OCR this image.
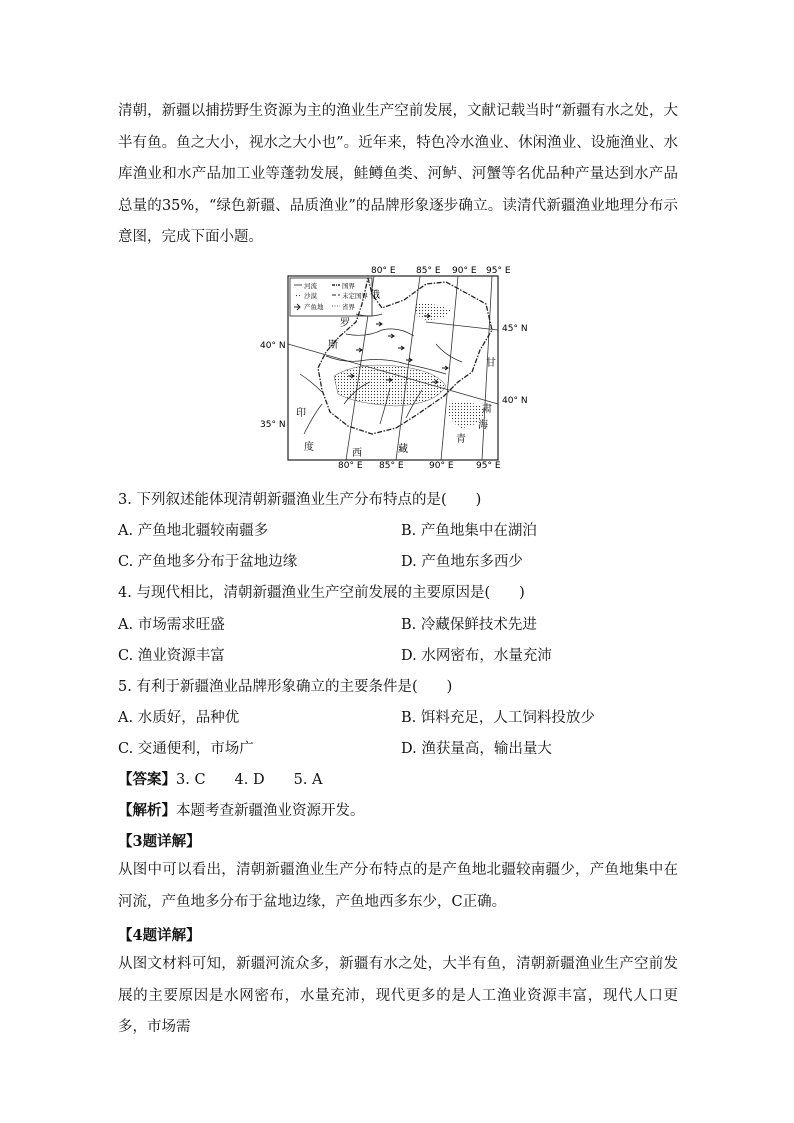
清朝，新疆以捕捞野生资源为主的渔业生产空前发展，文献记载当时“新疆有水之处，大半有鱼。鱼之大小，视水之大小也”。近年来，特色冷水渔业、休闲渔业、设施渔业、水库渔业和水产品加工业等蓬勃发展，鲑鳟鱼类、河鲈、河蟹等名优品种产量达到水产品总量的35%，“绿色新疆、品质渔业”的品牌形象逐步确立。读清代新疆渔业地理分布示意图，完成下面小题。

80° E 85° E 90° E 95° E
80° E 85° E	90° E	95° E
40° N
35° N
45° N
40° N
河流	国界
沙漠	未定国界
产鱼地	省界
俄
罗
斯
甘
肃
印
度
西	藏
青
海

3. 下列叙述能体现清朝新疆渔业生产分布特点的是(　　)

A. 产鱼地北疆较南疆多	B. 产鱼地集中在湖泊
C. 产鱼地多分布于盆地边缘	D. 产鱼地东多西少

4. 与现代相比，清朝新疆渔业生产空前发展的主要原因是(　　)

A. 市场需求旺盛	B. 冷藏保鲜技术先进
C. 渔业资源丰富	D. 水网密布，水量充沛

5. 有利于新疆渔业品牌形象确立的主要条件是(　　)

A. 水质好，品种优	B. 饵料充足，人工饲料投放少
C. 交通便利，市场广	D. 渔获量高，输出量大

【答案】3. C　　4. D　　5. A

【解析】本题考查新疆渔业资源开发。

【3题详解】

从图中可以看出，清朝新疆渔业生产分布特点的是产鱼地北疆较南疆少，产鱼地集中在河流，产鱼地多分布于盆地边缘，产鱼地西多东少，C正确。

【4题详解】

从图文材料可知，新疆河流众多，新疆有水之处，大半有鱼，清朝新疆渔业生产空前发展的主要原因是水网密布，水量充沛，现代更多的是人工渔业资源丰富，现代人口更多，市场需
